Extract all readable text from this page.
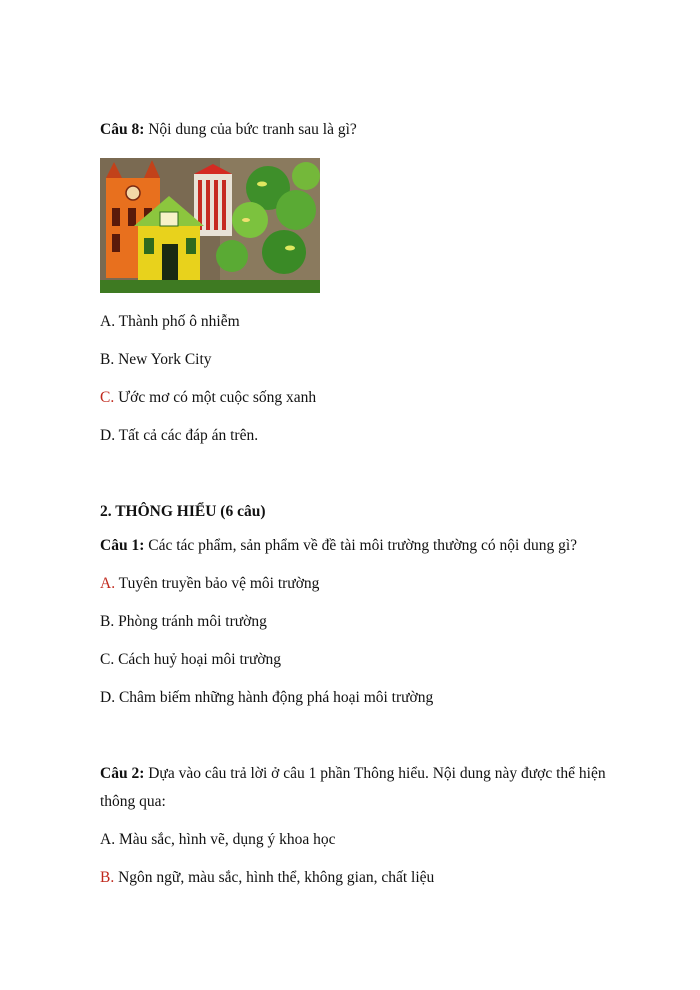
Câu 8: Nội dung của bức tranh sau là gì?
A. Thành phố ô nhiễm
B. New York City
C. Ước mơ có một cuộc sống xanh
D. Tất cả các đáp án trên.
2. THÔNG HIỂU (6 câu)
Câu 1: Các tác phẩm, sản phẩm về đề tài môi trường thường có nội dung gì?
A. Tuyên truyền bảo vệ môi trường
B. Phòng tránh môi trường
C. Cách huỷ hoại môi trường
D. Châm biếm những hành động phá hoại môi trường
Câu 2: Dựa vào câu trả lời ở câu 1 phần Thông hiểu. Nội dung này được thể hiện
thông qua:
A. Màu sắc, hình vẽ, dụng ý khoa học
B. Ngôn ngữ, màu sắc, hình thể, không gian, chất liệu
